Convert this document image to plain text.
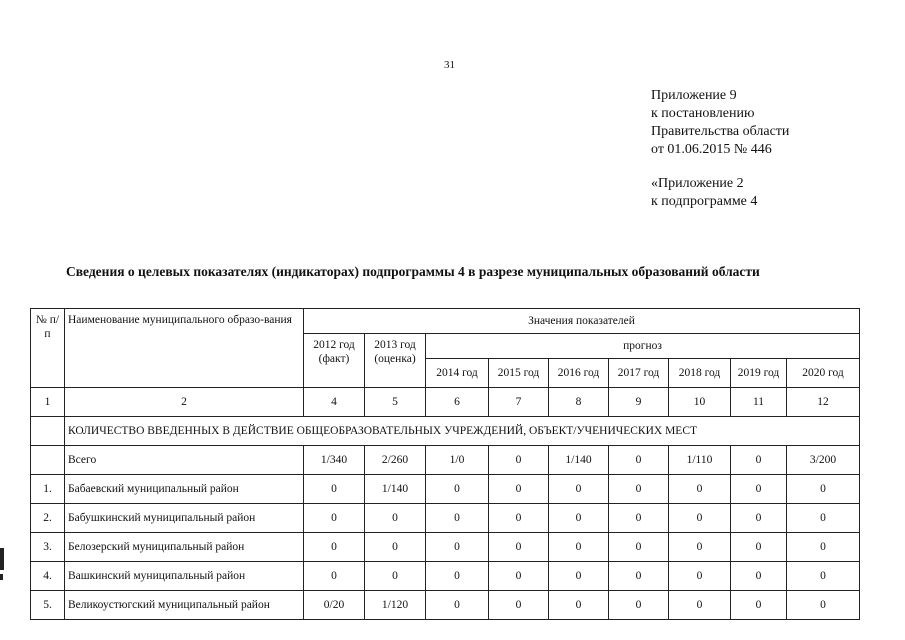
31
Приложение 9
к постановлению
Правительства области
от 01.06.2015 № 446
«Приложение 2
к подпрограмме 4
Сведения о целевых показателях (индикаторах) подпрограммы 4 в разрезе муниципальных образований области
№ п/п	Наименование муниципального образо-вания	Значения показателей								
		2012 год (факт)	2013 год (оценка)	прогноз						
				2014 год	2015 год	2016 год	2017 год	2018 год	2019 год	2020 год
1	2	4	5	6	7	8	9	10	11	12
	КОЛИЧЕСТВО ВВЕДЕННЫХ В ДЕЙСТВИЕ ОБЩЕОБРАЗОВАТЕЛЬНЫХ УЧРЕЖДЕНИЙ, ОБЪЕКТ/УЧЕНИЧЕСКИХ МЕСТ									
	Всего	1/340	2/260	1/0	0	1/140	0	1/110	0	3/200
1.	Бабаевский муниципальный район	0	1/140	0	0	0	0	0	0	0
2.	Бабушкинский муниципальный район	0	0	0	0	0	0	0	0	0
3.	Белозерский муниципальный район	0	0	0	0	0	0	0	0	0
4.	Вашкинский муниципальный район	0	0	0	0	0	0	0	0	0
5.	Великоустюгский муниципальный район	0/20	1/120	0	0	0	0	0	0	0
